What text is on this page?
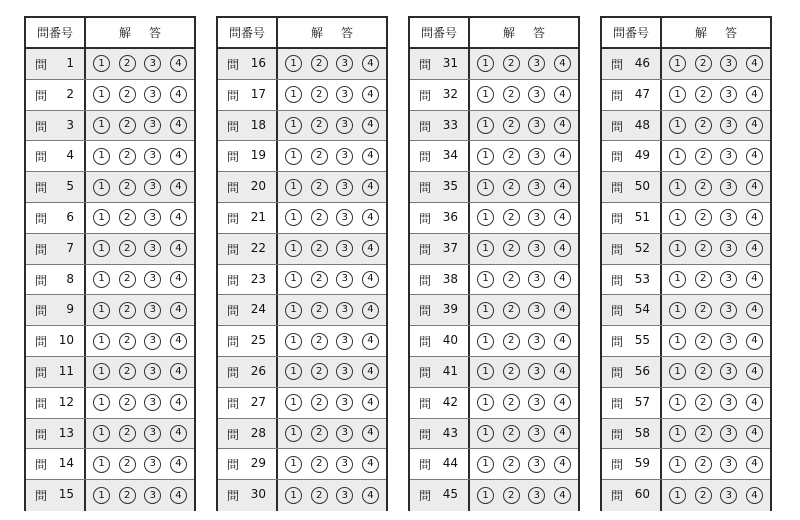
問番号	解 答
問 1	1	2	3	4
問 2	1	2	3	4
問 3	1	2	3	4
問 4	1	2	3	4
問 5	1	2	3	4
問 6	1	2	3	4
問 7	1	2	3	4
問 8	1	2	3	4
問 9	1	2	3	4
問 10	1	2	3	4
問 11	1	2	3	4
問 12	1	2	3	4
問 13	1	2	3	4
問 14	1	2	3	4
問 15	1	2	3	4
問番号	解 答
問 16	1	2	3	4
問 17	1	2	3	4
問 18	1	2	3	4
問 19	1	2	3	4
問 20	1	2	3	4
問 21	1	2	3	4
問 22	1	2	3	4
問 23	1	2	3	4
問 24	1	2	3	4
問 25	1	2	3	4
問 26	1	2	3	4
問 27	1	2	3	4
問 28	1	2	3	4
問 29	1	2	3	4
問 30	1	2	3	4
問番号	解 答
問 31	1	2	3	4
問 32	1	2	3	4
問 33	1	2	3	4
問 34	1	2	3	4
問 35	1	2	3	4
問 36	1	2	3	4
問 37	1	2	3	4
問 38	1	2	3	4
問 39	1	2	3	4
問 40	1	2	3	4
問 41	1	2	3	4
問 42	1	2	3	4
問 43	1	2	3	4
問 44	1	2	3	4
問 45	1	2	3	4
問番号	解 答
問 46	1	2	3	4
問 47	1	2	3	4
問 48	1	2	3	4
問 49	1	2	3	4
問 50	1	2	3	4
問 51	1	2	3	4
問 52	1	2	3	4
問 53	1	2	3	4
問 54	1	2	3	4
問 55	1	2	3	4
問 56	1	2	3	4
問 57	1	2	3	4
問 58	1	2	3	4
問 59	1	2	3	4
問 60	1	2	3	4
